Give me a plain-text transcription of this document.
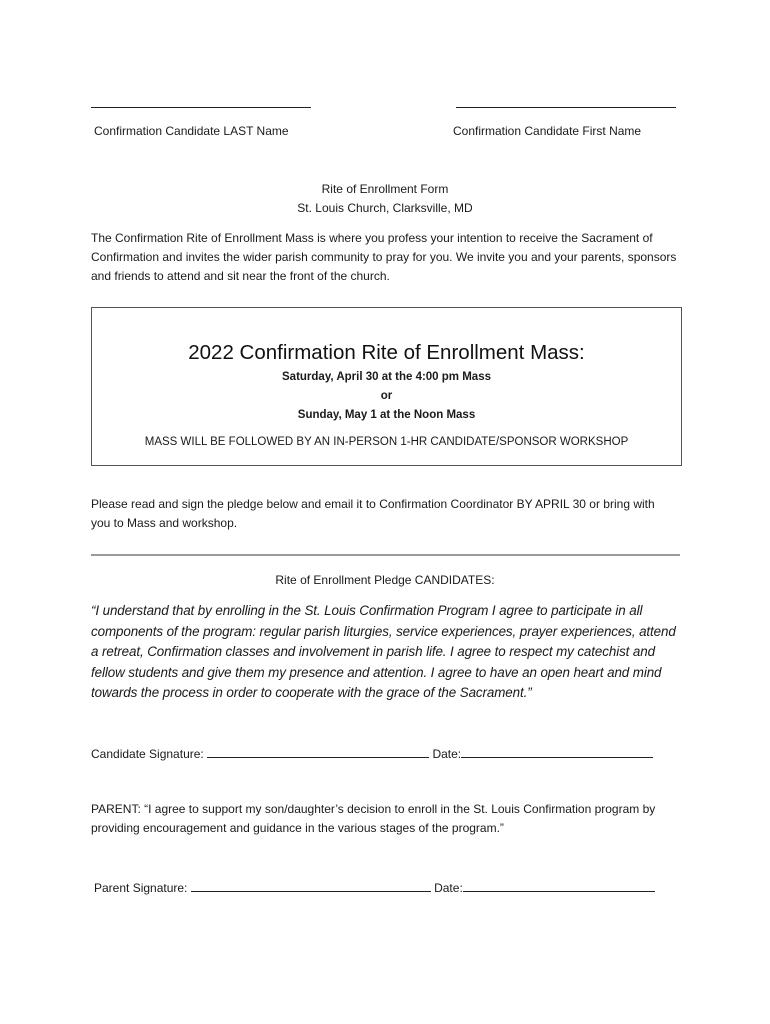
Confirmation Candidate LAST Name	Confirmation Candidate First Name
Rite of Enrollment Form
St. Louis Church, Clarksville, MD
The Confirmation Rite of Enrollment Mass is where you profess your intention to receive the Sacrament of Confirmation and invites the wider parish community to pray for you. We invite you and your parents, sponsors and friends to attend and sit near the front of the church.
2022 Confirmation Rite of Enrollment Mass:
Saturday, April 30 at the 4:00 pm Mass
or
Sunday, May 1 at the Noon Mass
MASS WILL BE FOLLOWED BY AN IN-PERSON 1-HR CANDIDATE/SPONSOR WORKSHOP
Please read and sign the pledge below and email it to Confirmation Coordinator BY APRIL 30 or bring with you to Mass and workshop.
Rite of Enrollment Pledge CANDIDATES:
“I understand that by enrolling in the St. Louis Confirmation Program I agree to participate in all components of the program: regular parish liturgies, service experiences, prayer experiences, attend a retreat, Confirmation classes and involvement in parish life. I agree to respect my catechist and fellow students and give them my presence and attention. I agree to have an open heart and mind towards the process in order to cooperate with the grace of the Sacrament.”
Candidate Signature:	Date:
PARENT: “I agree to support my son/daughter’s decision to enroll in the St. Louis Confirmation program by providing encouragement and guidance in the various stages of the program.”
Parent Signature:	Date:
